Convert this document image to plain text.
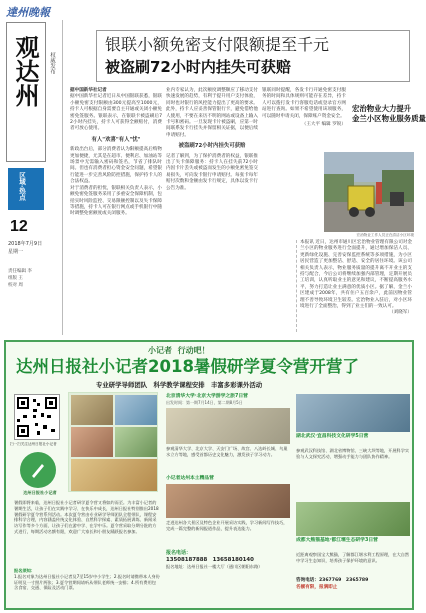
達州晚報
观达州 权威发布
区域·热点
12
2018年7月9日
星期一
责任编辑 李
组版 王
校对 周
银联小额免密支付限额提至千元
被盗刷72小时内挂失可获赔

据中国新华社记者

据中国新华社记者近日从中国银联获悉，银联小额免密支付限额由300元提高至1000元，持卡人可根据自身需要自主开通或关闭小额免密免签服务。银联表示，在银联卡被盗刷后72小时内挂失，持卡人可获得全额赔付，消费者可放心使用。

有人"欢喜"有人"忧"

新政出台后，部分消费者认为限额提高后购物更加便捷，尤其是在超市、便利店、加油站等场景中无需输入密码和签名，节省了排队时间。但也有消费者担心资金安全问题，希望银行能进一步完善风险防控措施，保护持卡人的合法权益。

对于消费者的担忧，银联相关负责人表示，小额免密免签服务采用了多重安全保障机制，包括实时风险监控、交易限额控制以及失卡保障等措施，持卡人可在银行网点或手机银行中随时调整免密额度或关闭服务。

业内专家认为，此次额度调整顺应了移动支付快速发展的趋势，有利于提升用户支付体验，同时也对银行的风控能力提出了更高的要求。

此外，持卡人应妥善保管银行卡，避免借给他人使用，不要在来历不明的网站或设备上输入卡号和密码。一旦发现卡片被盗刷，应第一时间联系发卡行挂失并保留相关证据，以便后续申请赔付。

被盗刷72小时内挂失可获赔

记者了解到，为了保护消费者的权益，银联推出了失卡保障服务：持卡人在挂失前72小时内因卡片丢失或被盗而发生的小额免密免签交易损失，可向发卡银行申请赔付。每张卡每年赔付次数和金额由发卡行规定，具体以发卡行公告为准。

银联同时提醒，各发卡行开通免密支付服务的时间和具体规则可能存在差异，持卡人可以拨打发卡行客服电话或登录官方网站进行查询。如果不希望使用该项服务，可以随时申请关闭，保障账户资金安全。

（王大平 编辑 罗锐）

宏治物业大力提升
金兰小区物业服务质量
宏治物业工作人员正在清洁小区环境

本报讯 近日，达州市通川区宏治物业管理有限公司对金兰小区的物业服务进行全面提升，通过增加保洁人员、更新绿化设施、完善安保监控系统等多项措施，为小区居民营造了更加整洁、舒适、安全的居住环境。该公司相关负责人表示，物业服务质量的提升离不开业主的支持与配合，今后公司将继续加强内部管理，定期开展员工培训，认真听取业主的意见和建议，不断提高服务水平，努力打造让业主满意的优质小区。据了解，金兰小区建成于2008年，共有住户五百余户，此前因物业管理不善导致环境卫生较差。宏治物业入驻后，对小区环境进行了全面整治，得到了业主们的一致认可。

（刘晓军）

小记者  行动吧！
达州日报社小记者2018暑假研学夏令营开营了
专业研学导师团队　科学教学课程安排　丰富多彩课外活动
扫一扫关注达州日报社小记者
达州日报社小记者

暑假即将来临，达州日报社小记者研学夏令营又将如约而至。为丰富小记者的暑期生活，让孩子们在实践中学习、在快乐中成长，达州日报社特别推出2018暑假研学夏令营系列活动。本次夏令营由专业研学导师团队全程带队，课程安排科学合理，内容涵盖传统文化体验、自然科学探索、素质拓展训练、新闻采访写作等多个方面，让孩子们在游中学、在学中乐。夏令营采取分期分批的方式进行，每期活动名额有限，欢迎广大家长和小朋友踊跃报名参加。

报名须知：

1.报名对象为达州日报社小记者及7至15岁中小学生；2.报名时请携带本人身份证明及一寸照片两张；3.夏令营期间请听从带队老师统一安排；4.所有费用包含食宿、交通、保险及活动门票。

北京清华大学·北京大学游学之旅7日营
出发时间：第一期7月14日，第二期8月5日
参观清华大学、北京大学、天安门广场、故宫、八达岭长城、鸟巢水立方等地，感受首都历史文化魅力，激发孩子学习动力。
小记者达州本土精品营
走进达州各大景区及特色企业开展采访实践，学习新闻写作技巧，完成一篇完整的新闻报道作品，提升表达能力。
湖北武汉·宜昌科技文化研学5日营
参观武汉科技馆、湖北省博物馆、三峡大坝等地，开展科学实验与人文探究活动，增强动手能力与团队协作精神。
成都大熊猫基地·都江堰生态研学3日营
近距离观察国宝大熊猫，了解都江堰水利工程原理，在大自然中学习生态知识，培养孩子保护环境的意识。
报名电话：
13508187888　13658180140
报名地址：达州日报社一楼大厅（通川区朝阳东路）
咨询电话：2367769　2365789
名额有限，报满即止
